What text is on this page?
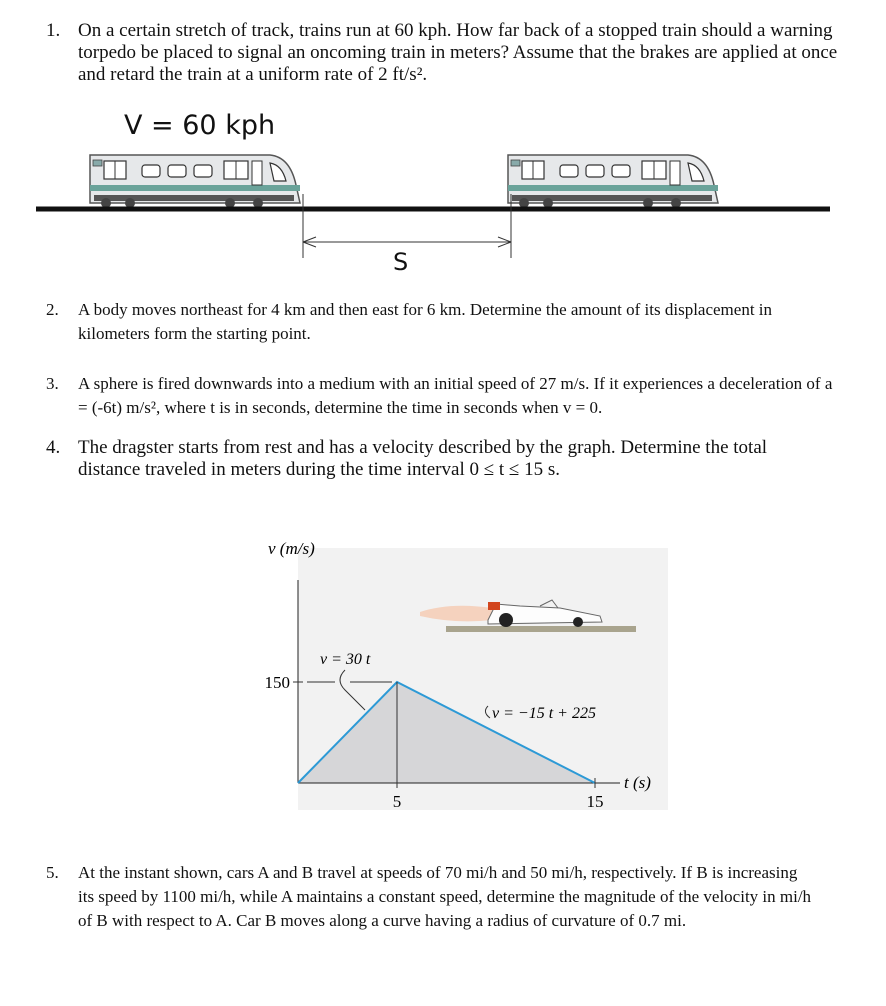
1. On a certain stretch of track, trains run at 60 kph. How far back of a stopped train should a warning torpedo be placed to signal an oncoming train in meters? Assume that the brakes are applied at once and retard the train at a uniform rate of 2 ft/s².
V = 60 kph
S
2. A body moves northeast for 4 km and then east for 6 km. Determine the amount of its displacement in kilometers form the starting point.
3. A sphere is fired downwards into a medium with an initial speed of 27 m/s. If it experiences a deceleration of a = (-6t) m/s², where t is in seconds, determine the time in seconds when v = 0.
4. The dragster starts from rest and has a velocity described by the graph. Determine the total distance traveled in meters during the time interval 0 ≤ t ≤ 15 s.
v (m/s)
150
5	15
t (s)
v = 30 t
v = −15 t + 225
5. At the instant shown, cars A and B travel at speeds of 70 mi/h and 50 mi/h, respectively. If B is increasing its speed by 1100 mi/h, while A maintains a constant speed, determine the magnitude of the velocity in mi/h of B with respect to A. Car B moves along a curve having a radius of curvature of 0.7 mi.
